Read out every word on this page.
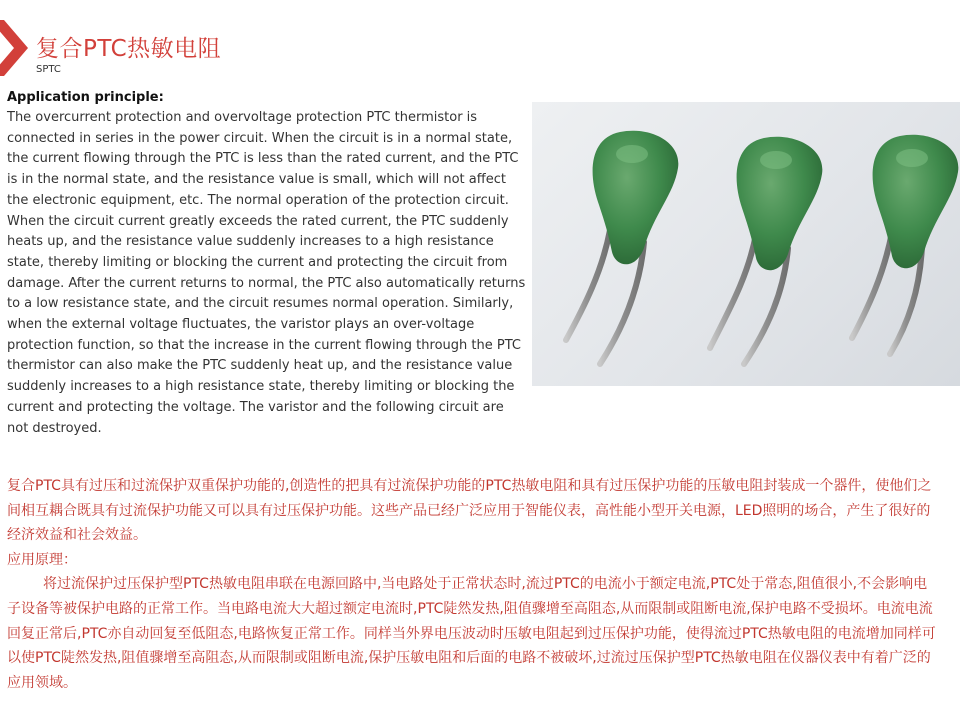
复合PTC热敏电阻
SPTC
Application principle:
The overcurrent protection and overvoltage protection PTC thermistor is connected in series in the power circuit. When the circuit is in a normal state, the current flowing through the PTC is less than the rated current, and the PTC is in the normal state, and the resistance value is small, which will not affect the electronic equipment, etc. The normal operation of the protection circuit. When the circuit current greatly exceeds the rated current, the PTC suddenly heats up, and the resistance value suddenly increases to a high resistance state, thereby limiting or blocking the current and protecting the circuit from damage. After the current returns to normal, the PTC also automatically returns to a low resistance state, and the circuit resumes normal operation. Similarly, when the external voltage fluctuates, the varistor plays an over-voltage protection function, so that the increase in the current flowing through the PTC thermistor can also make the PTC suddenly heat up, and the resistance value suddenly increases to a high resistance state, thereby limiting or blocking the current and protecting the voltage. The varistor and the following circuit are not destroyed.

复合PTC具有过压和过流保护双重保护功能的,创造性的把具有过流保护功能的PTC热敏电阻和具有过压保护功能的压敏电阻封装成一个器件，使他们之间相互耦合既具有过流保护功能又可以具有过压保护功能。这些产品已经广泛应用于智能仪表，高性能小型开关电源，LED照明的场合，产生了很好的经济效益和社会效益。

应用原理：

将过流保护过压保护型PTC热敏电阻串联在电源回路中,当电路处于正常状态时,流过PTC的电流小于额定电流,PTC处于常态,阻值很小,不会影响电子设备等被保护电路的正常工作。当电路电流大大超过额定电流时,PTC陡然发热,阻值骤增至高阻态,从而限制或阻断电流,保护电路不受损坏。电流电流回复正常后,PTC亦自动回复至低阻态,电路恢复正常工作。同样当外界电压波动时压敏电阻起到过压保护功能，使得流过PTC热敏电阻的电流增加同样可以使PTC陡然发热,阻值骤增至高阻态,从而限制或阻断电流,保护压敏电阻和后面的电路不被破坏,过流过压保护型PTC热敏电阻在仪器仪表中有着广泛的应用领域。
